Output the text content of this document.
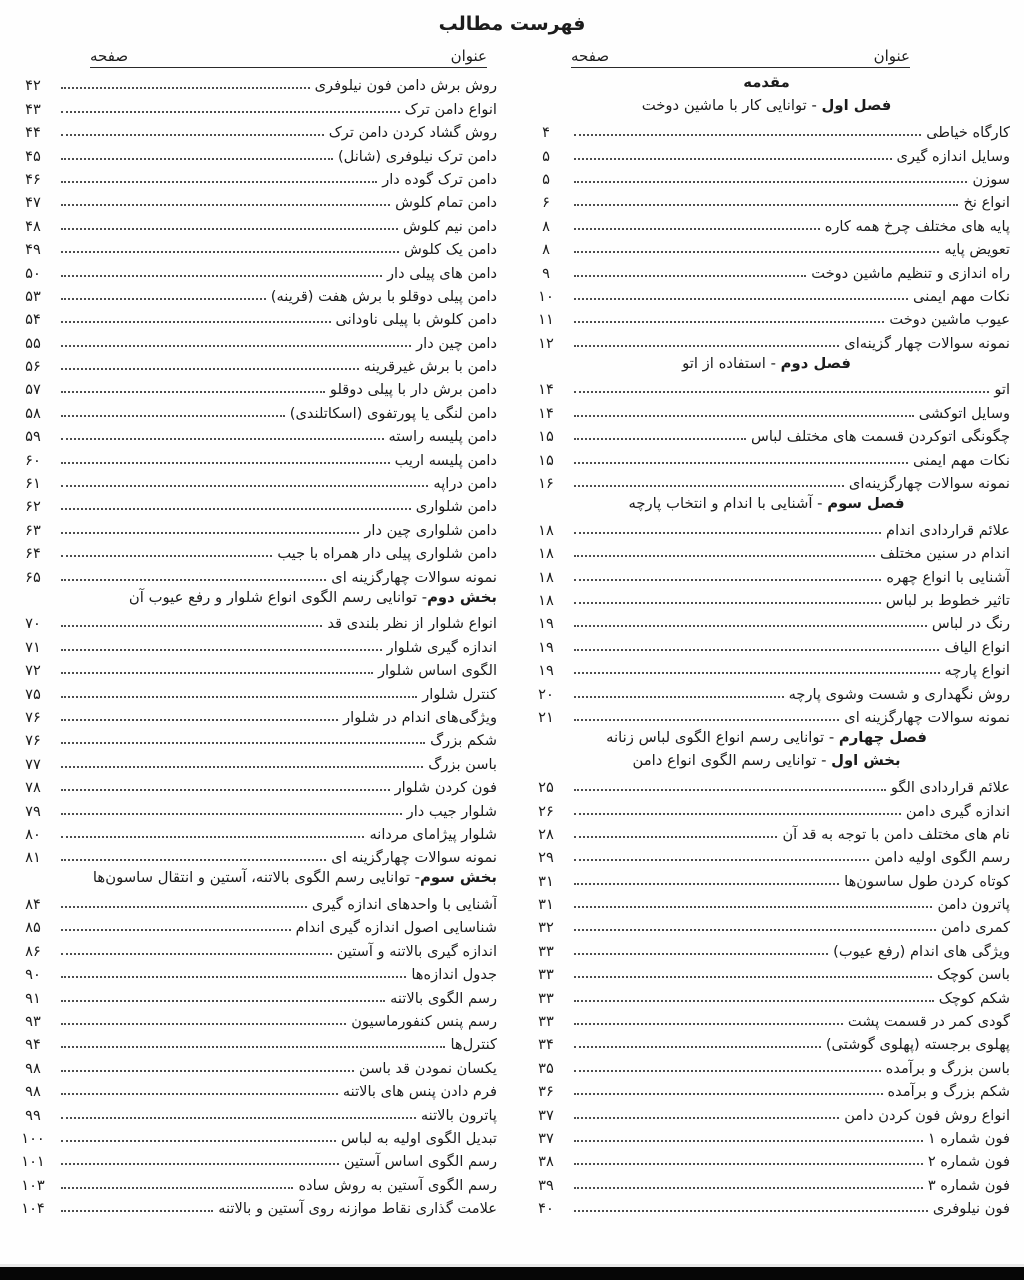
فهرست مطالب
عنوان
صفحه
مقدمه
فصل اول - توانایی کار با ماشین دوخت
کارگاه خیاطی
۴
وسایل اندازه گیری
۵
سوزن
۵
انواع نخ
۶
پایه های مختلف چرخ همه کاره
۸
تعویض پایه
۸
راه اندازی و تنظیم ماشین دوخت
۹
نکات مهم ایمنی
۱۰
عیوب ماشین دوخت
۱۱
نمونه سوالات چهار گزینه‌ای
۱۲
فصل دوم - استفاده از اتو
اتو
۱۴
وسایل اتوکشی
۱۴
چگونگی اتوکردن قسمت های مختلف لباس
۱۵
نکات مهم ایمنی
۱۵
نمونه سوالات چهارگزینه‌ای
۱۶
فصل سوم - آشنایی با اندام و انتخاب پارچه
علائم قراردادی اندام
۱۸
اندام در سنین مختلف
۱۸
آشنایی با انواع چهره
۱۸
تاثیر خطوط بر لباس
۱۸
رنگ در لباس
۱۹
انواع الیاف
۱۹
انواع پارچه
۱۹
روش نگهداری و شست وشوی پارچه
۲۰
نمونه سوالات چهارگزینه ای
۲۱
فصل چهارم - توانایی رسم انواع الگوی لباس زنانه
بخش اول - توانایی رسم الگوی انواع دامن
علائم قراردادی الگو
۲۵
اندازه گیری دامن
۲۶
نام های مختلف دامن با توجه به قد آن
۲۸
رسم الگوی اولیه دامن
۲۹
کوتاه کردن طول ساسون‌ها
۳۱
پاترون دامن
۳۱
کمری دامن
۳۲
ویژگی های اندام (رفع عیوب)
۳۳
باسن کوچک
۳۳
شکم کوچک
۳۳
گودی کمر در قسمت پشت
۳۳
پهلوی برجسته (پهلوی گوشتی)
۳۴
باسن بزرگ و برآمده
۳۵
شکم بزرگ و برآمده
۳۶
انواع روش فون کردن دامن
۳۷
فون شماره ۱
۳۷
فون شماره ۲
۳۸
فون شماره ۳
۳۹
فون نیلوفری
۴۰
عنوان
صفحه
روش برش دامن فون نیلوفری
۴۲
انواع دامن ترک
۴۳
روش گشاد کردن دامن ترک
۴۴
دامن ترک نیلوفری (شانل)
۴۵
دامن ترک گوده دار
۴۶
دامن تمام کلوش
۴۷
دامن نیم کلوش
۴۸
دامن یک کلوش
۴۹
دامن های پیلی دار
۵۰
دامن پیلی دوقلو با برش هفت (قرینه)
۵۳
دامن کلوش با پیلی ناودانی
۵۴
دامن چین دار
۵۵
دامن با برش غیرقرینه
۵۶
دامن برش دار با پیلی دوقلو
۵۷
دامن لنگی یا پورتفوی (اسکاتلندی)
۵۸
دامن پلیسه راسته
۵۹
دامن پلیسه اریب
۶۰
دامن دراپه
۶۱
دامن شلواری
۶۲
دامن شلواری چین دار
۶۳
دامن شلواری پیلی دار همراه با جیب
۶۴
نمونه سوالات چهارگزینه ای
۶۵
بخش دوم- توانایی رسم الگوی انواع شلوار و رفع عیوب آن
انواع شلوار از نظر بلندی قد
۷۰
اندازه گیری شلوار
۷۱
الگوی اساس شلوار
۷۲
کنترل شلوار
۷۵
ویژگی‌های اندام در شلوار
۷۶
شکم بزرگ
۷۶
باسن بزرگ
۷۷
فون کردن شلوار
۷۸
شلوار جیب دار
۷۹
شلوار پیژامای مردانه
۸۰
نمونه سوالات چهارگزینه ای
۸۱
بخش سوم- توانایی رسم الگوی بالاتنه، آستین و انتقال ساسون‌ها
آشنایی با واحدهای اندازه گیری
۸۴
شناسایی اصول اندازه گیری اندام
۸۵
اندازه گیری بالاتنه و آستین
۸۶
جدول اندازه‌ها
۹۰
رسم الگوی بالاتنه
۹۱
رسم پنس کنفورماسیون
۹۳
کنترل‌ها
۹۴
یکسان نمودن قد باسن
۹۸
فرم دادن پنس های بالاتنه
۹۸
پاترون بالاتنه
۹۹
تبدیل الگوی اولیه به لباس
۱۰۰
رسم الگوی اساس آستین
۱۰۱
رسم الگوی آستین به روش ساده
۱۰۳
علامت گذاری نقاط موازنه روی آستین و بالاتنه
۱۰۴
